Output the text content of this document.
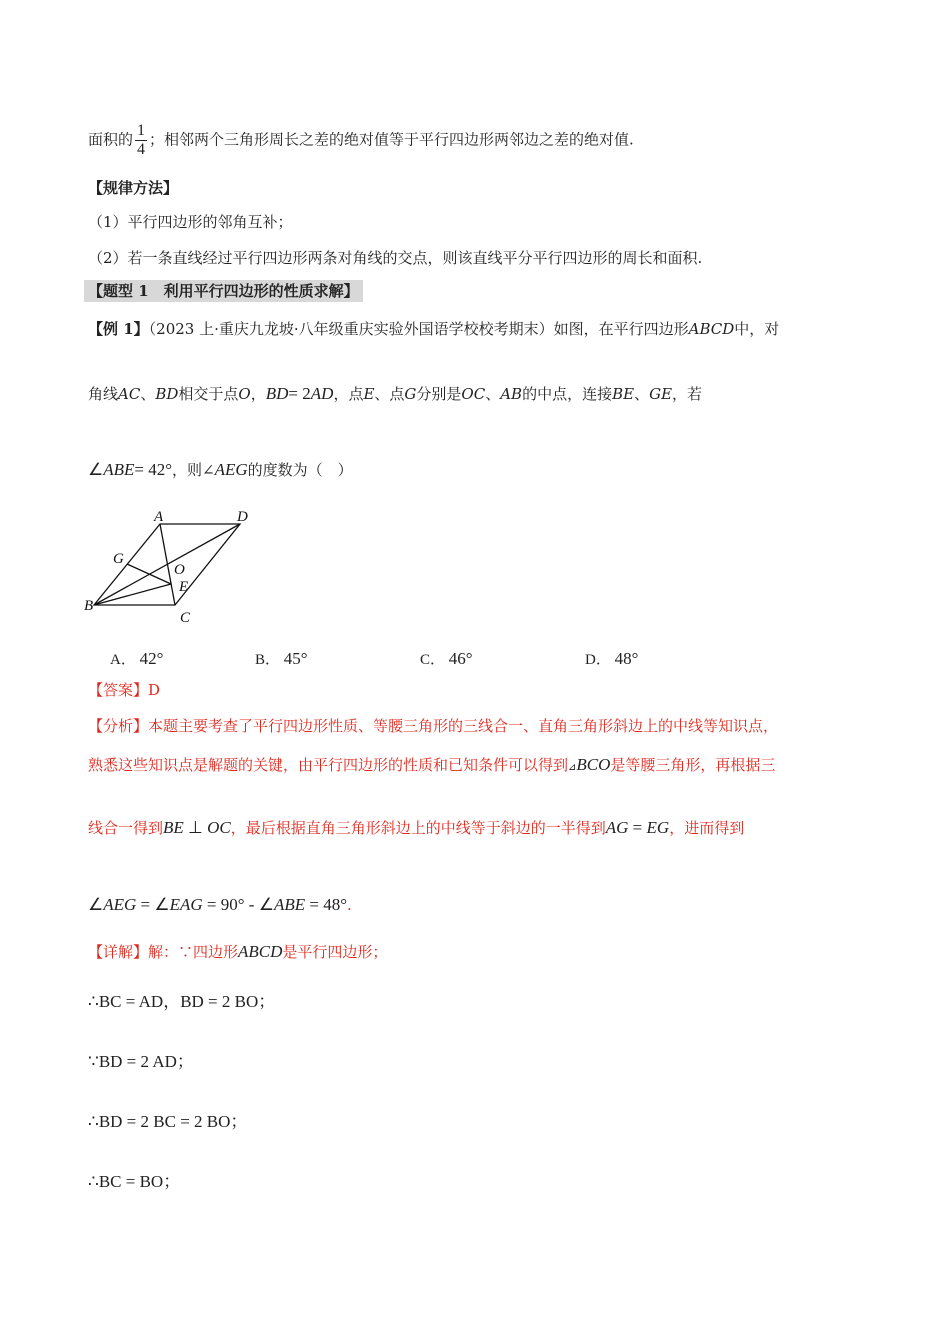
面积的 $\frac{1}{4}$ ；相邻两个三角形周长之差的绝对值等于平行四边形两邻边之差的绝对值.
【规律方法】
（1）平行四边形的邻角互补；
（2）若一条直线经过平行四边形两条对角线的交点，则该直线平分平行四边形的周长和面积.
【题型 1　利用平行四边形的性质求解】
【例 1】（2023 上·重庆九龙坡·八年级重庆实验外国语学校校考期末）如图，在平行四边形ABCD中，对
角线AC、BD相交于点O，BD= 2AD，点E、点G分别是OC、AB的中点，连接BE、GE，若
∠ABE= 42°，则∠AEG的度数为（　）
A	D
G
O
E
B
C
A． 42°	B． 45°	C． 46°	D． 48°
【答案】D
【分析】本题主要考查了平行四边形性质、等腰三角形的三线合一、直角三角形斜边上的中线等知识点，
熟悉这些知识点是解题的关键，由平行四边形的性质和已知条件可以得到⊿BCO是等腰三角形，再根据三
线合一得到BE ⊥ OC，最后根据直角三角形斜边上的中线等于斜边的一半得到AG = EG，进而得到
∠AEG = ∠EAG = 90° - ∠ABE = 48°.
【详解】解：∵四边形ABCD是平行四边形；
∴BC = AD，BD = 2 BO；
∵BD = 2 AD；
∴BD = 2 BC = 2 BO；
∴BC = BO；
